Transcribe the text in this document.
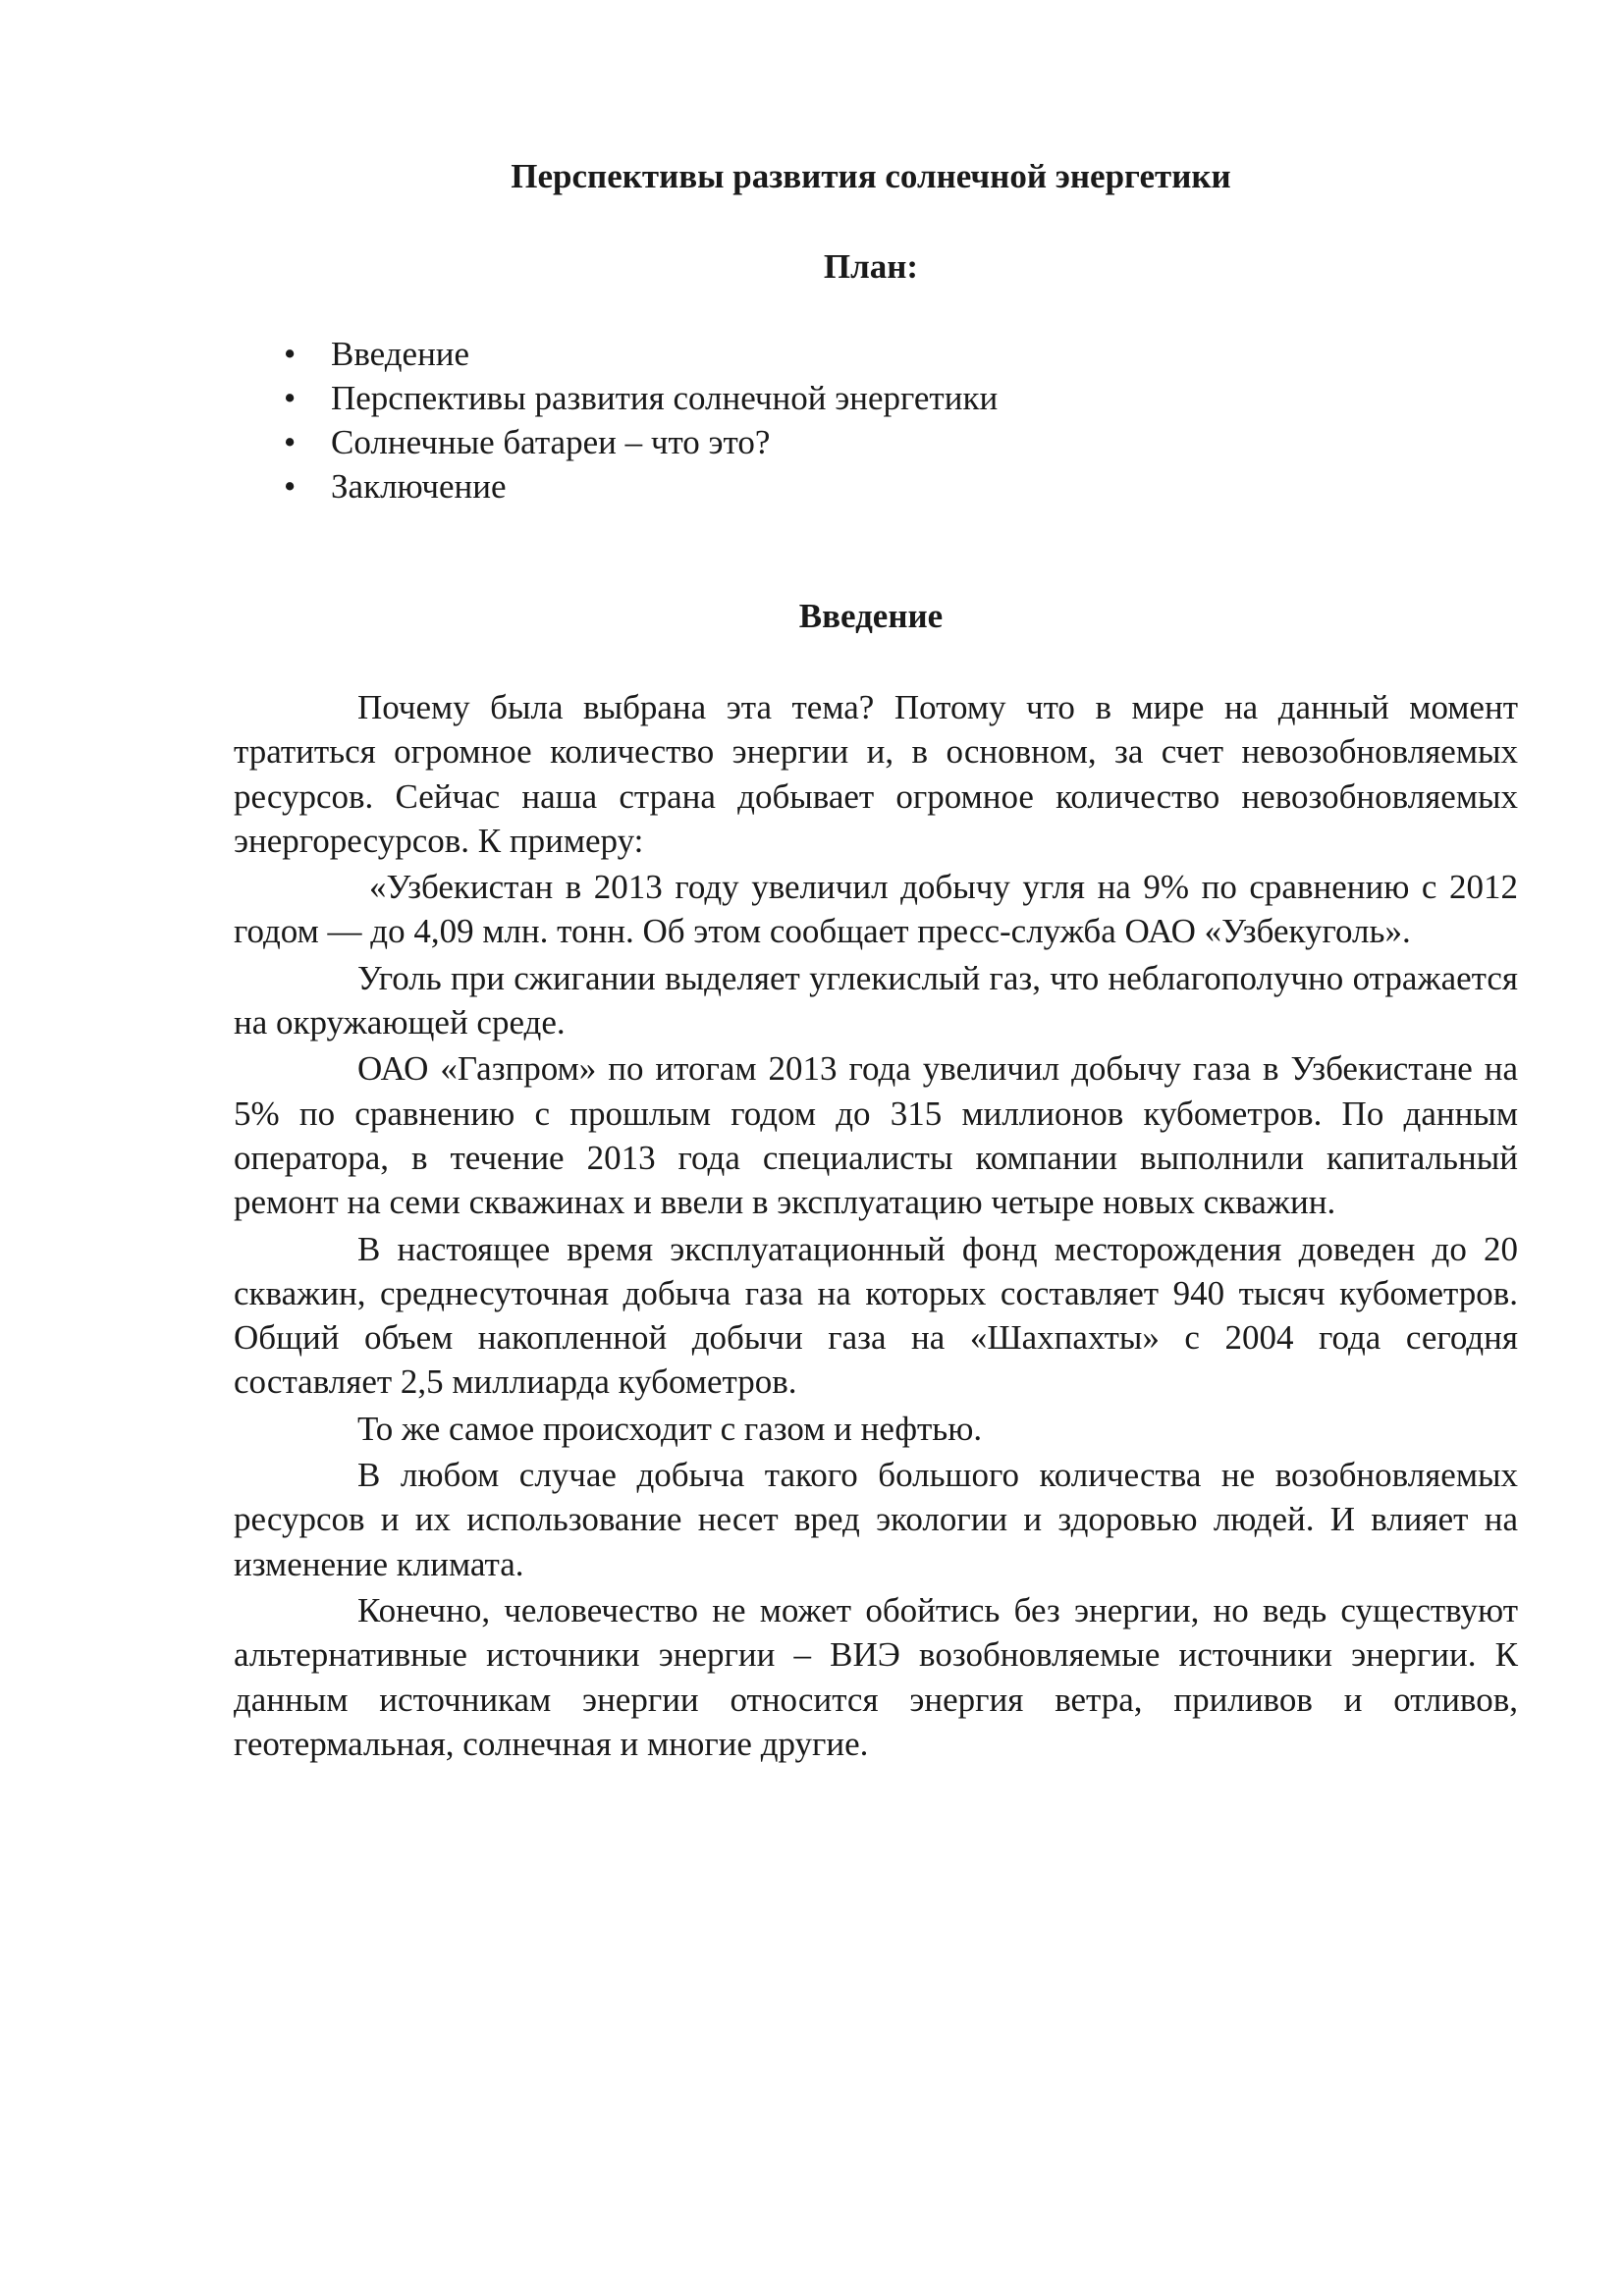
Перспективы развития солнечной энергетики
План:
• Введение
• Перспективы развития солнечной энергетики
• Солнечные батареи – что это?
• Заключение
Введение

Почему была выбрана эта тема? Потому что в мире на данный момент тратиться огромное количество энергии и, в основном, за счет невозобновляемых ресурсов. Сейчас наша страна добывает огромное количество невозобновляемых энергоресурсов. К примеру:

«Узбекистан в 2013 году увеличил добычу угля на 9% по сравнению с 2012 годом — до 4,09 млн. тонн. Об этом сообщает пресс-служба ОАО «Узбекуголь».

Уголь при сжигании выделяет углекислый газ, что неблагополучно отражается на окружающей среде.

ОАО «Газпром» по итогам 2013 года увеличил добычу газа в Узбекистане на 5% по сравнению с прошлым годом до 315 миллионов кубометров. По данным оператора, в течение 2013 года специалисты компании выполнили капитальный ремонт на семи скважинах и ввели в эксплуатацию четыре новых скважин.

В настоящее время эксплуатационный фонд месторождения доведен до 20 скважин, среднесуточная добыча газа на которых составляет 940 тысяч кубометров. Общий объем накопленной добычи газа на «Шахпахты» с 2004 года сегодня составляет 2,5 миллиарда кубометров.

То же самое происходит с газом и нефтью.

В любом случае добыча такого большого количества не возобновляемых ресурсов и их использование несет вред экологии и здоровью людей. И влияет на изменение климата.

Конечно, человечество не может обойтись без энергии, но ведь существуют альтернативные источники энергии – ВИЭ возобновляемые источники энергии. К данным источникам энергии относится энергия ветра, приливов и отливов, геотермальная, солнечная и многие другие.
